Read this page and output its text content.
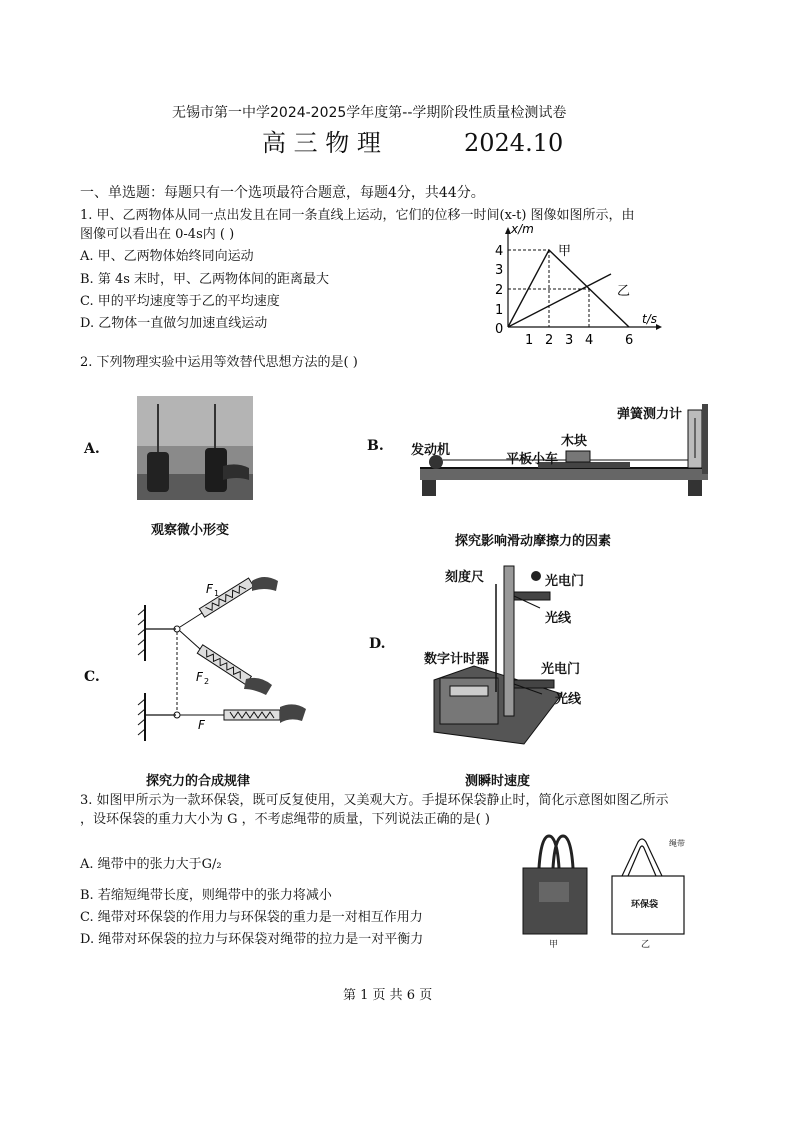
无锡市第一中学2024-2025学年度第--学期阶段性质量检测试卷
高 三 物 理	2024.10
一、单选题：每题只有一个选项最符合题意，每题4分，共44分。
1. 甲、乙两物体从同一点出发且在同一条直线上运动，它们的位移一时间(x-t) 图像如图所示，由
图像可以看出在 0-4s内 ( )
A. 甲、乙两物体始终同向运动
B. 第 4s 末时，甲、乙两物体间的距离最大
C. 甲的平均速度等于乙的平均速度
D. 乙物体一直做匀加速直线运动
x/m
t/s
4
3
2
1
0
1 2 3 4 6
甲
乙
2. 下列物理实验中运用等效替代思想方法的是( )
A.
观察微小形变
B. 发动机
弹簧测力计
木块
平板小车
探究影响滑动摩擦力的因素
C.
F 1
F 2
F
探究力的合成规律
D.
刻度尺	光电门
光线
数字计时器
光电门
光线
测瞬时速度
3. 如图甲所示为一款环保袋，既可反复使用，又美观大方。手提环保袋静止时，简化示意图如图乙所示
，设环保袋的重力大小为 G ，不考虑绳带的质量，下列说法正确的是( )
A. 绳带中的张力大于G/₂
B. 若缩短绳带长度，则绳带中的张力将减小
C. 绳带对环保袋的作用力与环保袋的重力是一对相互作用力
D. 绳带对环保袋的拉力与环保袋对绳带的拉力是一对平衡力	甲
绳带
环保袋
乙
第 1 页 共 6 页
